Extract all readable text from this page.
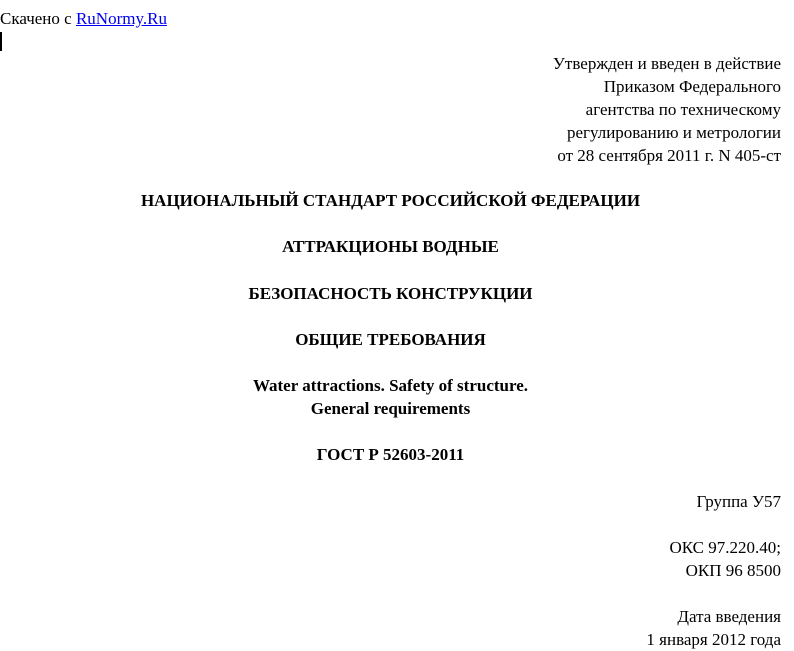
Скачено с RuNormy.Ru
Утвержден и введен в действие
Приказом Федерального
агентства по техническому
регулированию и метрологии
от 28 сентября 2011 г. N 405-ст
НАЦИОНАЛЬНЫЙ СТАНДАРТ РОССИЙСКОЙ ФЕДЕРАЦИИ
АТТРАКЦИОНЫ ВОДНЫЕ
БЕЗОПАСНОСТЬ КОНСТРУКЦИИ
ОБЩИЕ ТРЕБОВАНИЯ
Water attractions. Safety of structure.
General requirements
ГОСТ Р 52603-2011
Группа У57
ОКС 97.220.40;
ОКП 96 8500
Дата введения
1 января 2012 года
